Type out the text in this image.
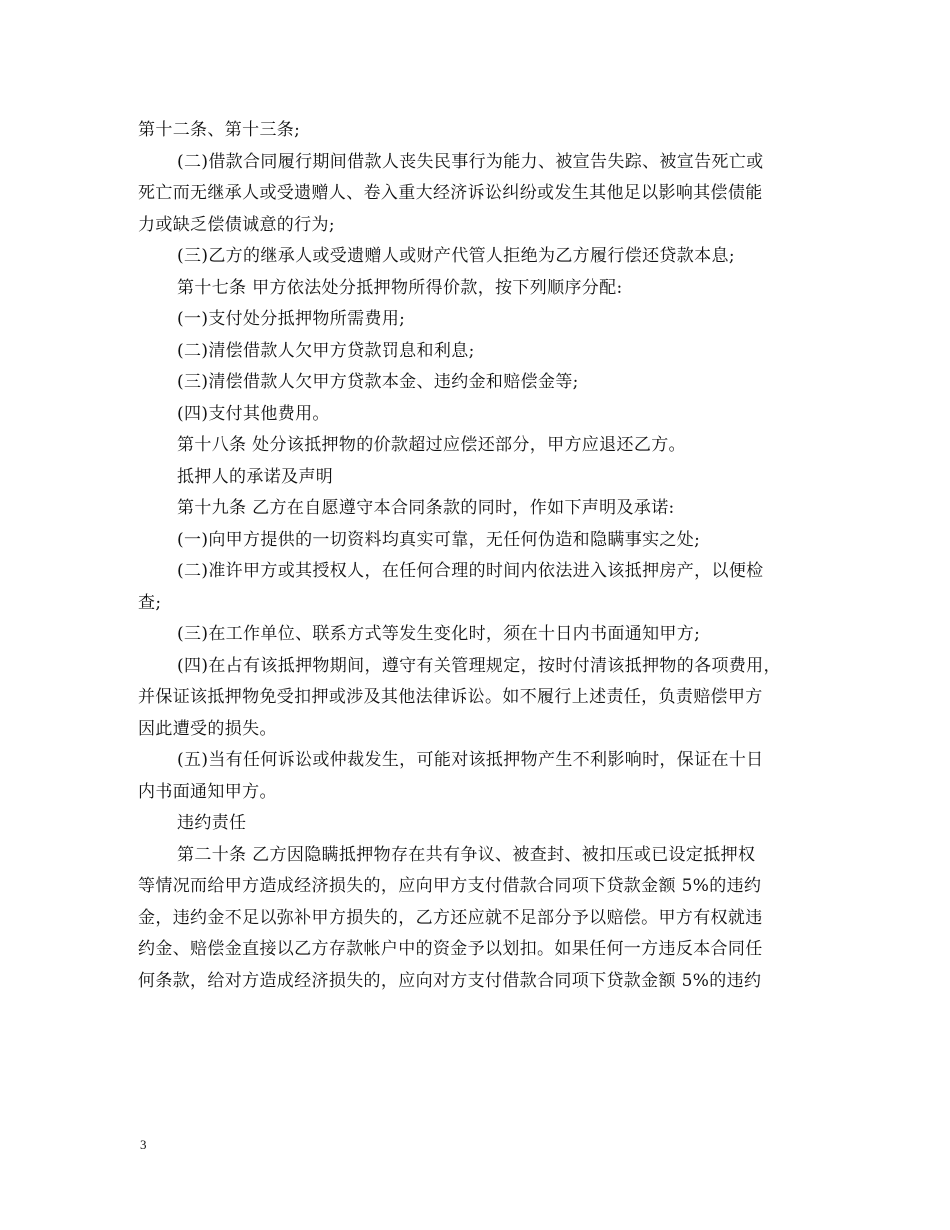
第十二条、第十三条;
(二)借款合同履行期间借款人丧失民事行为能力、被宣告失踪、被宣告死亡或
死亡而无继承人或受遗赠人、卷入重大经济诉讼纠纷或发生其他足以影响其偿债能
力或缺乏偿债诚意的行为;
(三)乙方的继承人或受遗赠人或财产代管人拒绝为乙方履行偿还贷款本息;
第十七条 甲方依法处分抵押物所得价款，按下列顺序分配:
(一)支付处分抵押物所需费用;
(二)清偿借款人欠甲方贷款罚息和利息;
(三)清偿借款人欠甲方贷款本金、违约金和赔偿金等;
(四)支付其他费用。
第十八条 处分该抵押物的价款超过应偿还部分，甲方应退还乙方。
抵押人的承诺及声明
第十九条 乙方在自愿遵守本合同条款的同时，作如下声明及承诺:
(一)向甲方提供的一切资料均真实可靠，无任何伪造和隐瞒事实之处;
(二)准许甲方或其授权人，在任何合理的时间内依法进入该抵押房产，以便检
查;
(三)在工作单位、联系方式等发生变化时，须在十日内书面通知甲方;
(四)在占有该抵押物期间，遵守有关管理规定，按时付清该抵押物的各项费用，
并保证该抵押物免受扣押或涉及其他法律诉讼。如不履行上述责任，负责赔偿甲方
因此遭受的损失。
(五)当有任何诉讼或仲裁发生，可能对该抵押物产生不利影响时，保证在十日
内书面通知甲方。
违约责任
第二十条 乙方因隐瞒抵押物存在共有争议、被查封、被扣压或已设定抵押权
等情况而给甲方造成经济损失的，应向甲方支付借款合同项下贷款金额 5%的违约
金，违约金不足以弥补甲方损失的，乙方还应就不足部分予以赔偿。甲方有权就违
约金、赔偿金直接以乙方存款帐户中的资金予以划扣。如果任何一方违反本合同任
何条款，给对方造成经济损失的，应向对方支付借款合同项下贷款金额 5%的违约
3
